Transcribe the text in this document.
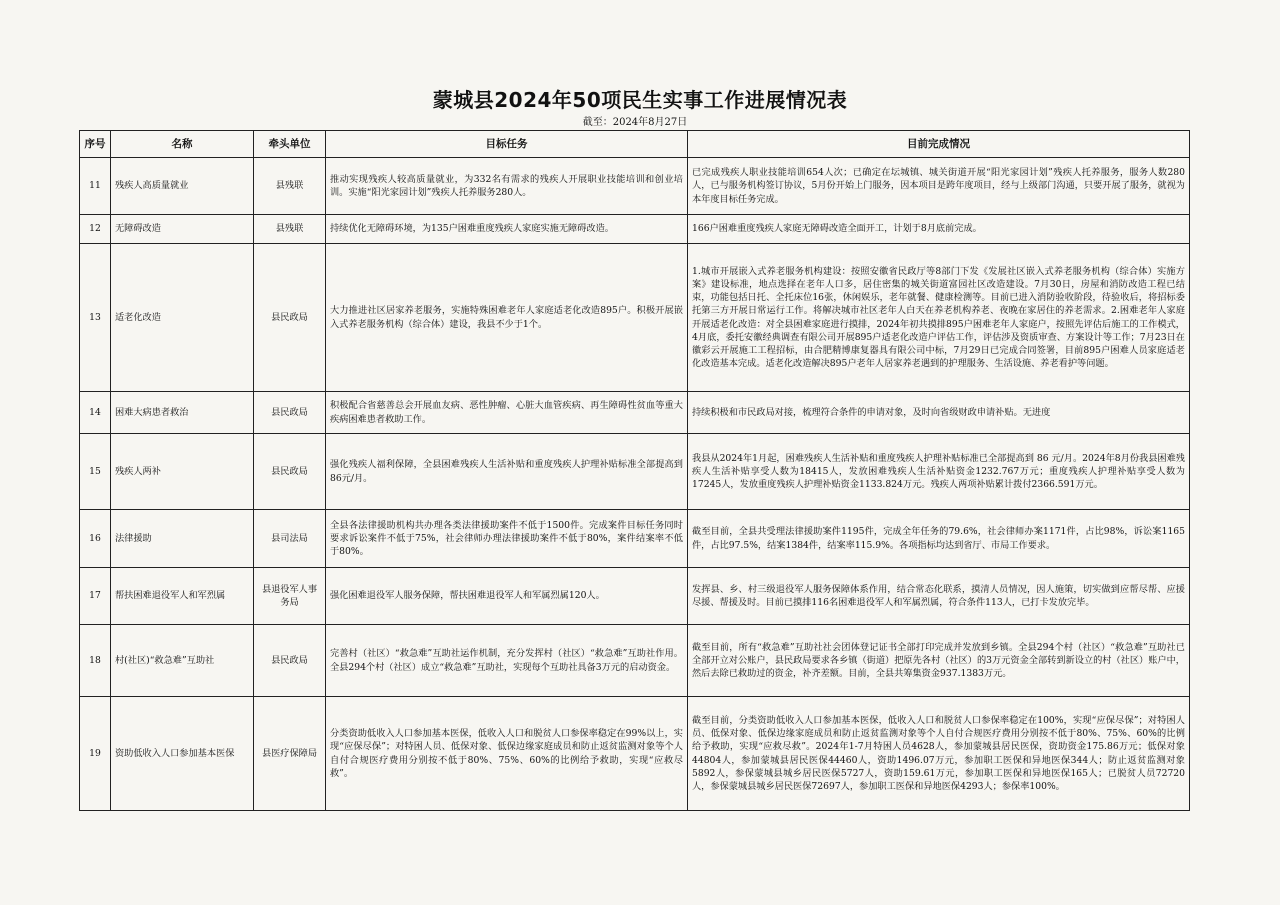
蒙城县2024年50项民生实事工作进展情况表
截至：2024年8月27日
序号	名称	牵头单位	目标任务	目前完成情况
11	残疾人高质量就业	县残联	推动实现残疾人较高质量就业，为332名有需求的残疾人开展职业技能培训和创业培训。实施“阳光家园计划”残疾人托养服务280人。	已完成残疾人职业技能培训654人次；已确定在坛城镇、城关街道开展“阳光家园计划”残疾人托养服务，服务人数280人，已与服务机构签订协议，5月份开始上门服务，因本项目是跨年度项目，经与上级部门沟通，只要开展了服务，就视为本年度目标任务完成。
12	无障碍改造	县残联	持续优化无障碍环境，为135户困难重度残疾人家庭实施无障碍改造。	166户困难重度残疾人家庭无障碍改造全面开工，计划于8月底前完成。
13	适老化改造	县民政局	大力推进社区居家养老服务，实施特殊困难老年人家庭适老化改造895户。积极开展嵌入式养老服务机构（综合体）建设，我县不少于1个。	1.城市开展嵌入式养老服务机构建设：按照安徽省民政厅等8部门下发《发展社区嵌入式养老服务机构（综合体）实施方案》建设标准，地点选择在老年人口多，居住密集的城关街道富园社区改造建设。7月30日，房屋和消防改造工程已结束，功能包括日托、全托床位16张，休闲娱乐，老年就餐、健康检测等。目前已进入消防验收阶段，待验收后，将招标委托第三方开展日常运行工作。将解决城市社区老年人白天在养老机构养老、夜晚在家居住的养老需求。2.困难老年人家庭开展适老化改造：对全县困难家庭进行摸排，2024年初共摸排895户困难老年人家庭户，按照先评估后施工的工作模式，4月底，委托安徽经典调查有限公司开展895户适老化改造户评估工作，评估涉及资质审查、方案设计等工作；7月23日在徽彩云开展施工工程招标，由合肥精博康复器具有限公司中标，7月29日已完成合同签署，目前895户困难人员家庭适老化改造基本完成。适老化改造解决895户老年人居家养老遇到的护理服务、生活设施、养老看护等问题。
14	困难大病患者救治	县民政局	积极配合省慈善总会开展血友病、恶性肿瘤、心脏大血管疾病、再生障碍性贫血等重大疾病困难患者救助工作。	持续积极和市民政局对接，梳理符合条件的申请对象，及时向省级财政申请补贴。无进度
15	残疾人两补	县民政局	强化残疾人福利保障，全县困难残疾人生活补贴和重度残疾人护理补贴标准全部提高到86元/月。	我县从2024年1月起，困难残疾人生活补贴和重度残疾人护理补贴标准已全部提高到 86 元/月。2024年8月份我县困难残疾人生活补贴享受人数为18415人，发放困难残疾人生活补贴资金1232.767万元；重度残疾人护理补贴享受人数为17245人，发放重度残疾人护理补贴资金1133.824万元。残疾人两项补贴累计拨付2366.591万元。
16	法律援助	县司法局	全县各法律援助机构共办理各类法律援助案件不低于1500件。完成案件目标任务同时要求诉讼案件不低于75%，社会律师办理法律援助案件不低于80%，案件结案率不低于80%。	截至目前，全县共受理法律援助案件1195件，完成全年任务的79.6%，社会律师办案1171件，占比98%，诉讼案1165件，占比97.5%，结案1384件，结案率115.9%。各项指标均达到省厅、市局工作要求。
17	帮扶困难退役军人和军烈属	县退役军人事务局	强化困难退役军人服务保障，帮扶困难退役军人和军属烈属120人。	发挥县、乡、村三级退役军人服务保障体系作用，结合常态化联系，摸清人员情况，因人施策，切实做到应帮尽帮、应援尽援、帮援及时。目前已摸排116名困难退役军人和军属烈属，符合条件113人，已打卡发放完毕。
18	村(社区)“救急难”互助社	县民政局	完善村（社区）“救急难”互助社运作机制，充分发挥村（社区）“救急难”互助社作用。全县294个村（社区）成立“救急难”互助社，实现每个互助社具备3万元的启动资金。	截至目前，所有“救急难”互助社社会团体登记证书全部打印完成并发放到乡镇。全县294个村（社区）“救急难”互助社已全部开立对公账户，县民政局要求各乡镇（街道）把原先各村（社区）的3万元资金全部转到新设立的村（社区）账户中，然后去除已救助过的资金，补齐差额。目前，全县共筹集资金937.1383万元。
19	资助低收入人口参加基本医保	县医疗保障局	分类资助低收入人口参加基本医保，低收入人口和脱贫人口参保率稳定在99%以上，实现“应保尽保”；对特困人员、低保对象、低保边缘家庭成员和防止返贫监测对象等个人自付合规医疗费用分别按不低于80%、75%、60%的比例给予救助，实现“应救尽救”。	截至目前，分类资助低收入人口参加基本医保，低收入人口和脱贫人口参保率稳定在100%，实现“应保尽保”；对特困人员、低保对象、低保边缘家庭成员和防止返贫监测对象等个人自付合规医疗费用分别按不低于80%、75%、60%的比例给予救助，实现“应救尽救”。2024年1-7月特困人员4628人，参加蒙城县居民医保，资助资金175.86万元；低保对象44804人，参加蒙城县居民医保44460人，资助1496.07万元，参加职工医保和异地医保344人；防止返贫监测对象5892人，参保蒙城县城乡居民医保5727人，资助159.61万元，参加职工医保和异地医保165人；已脱贫人员72720人，参保蒙城县城乡居民医保72697人，参加职工医保和异地医保4293人；参保率100%。
